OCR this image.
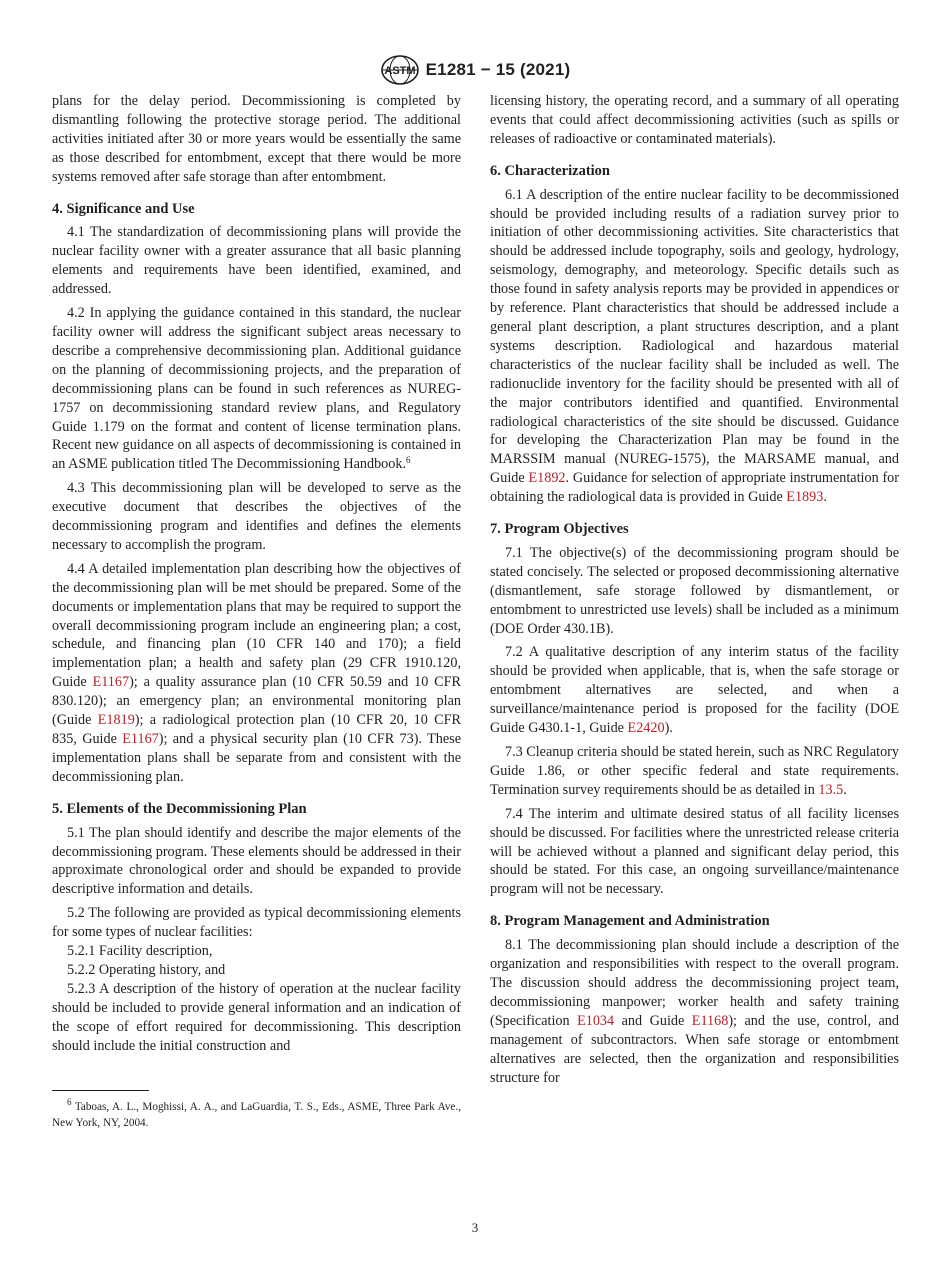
ASTM E1281 − 15 (2021)

plans for the delay period. Decommissioning is completed by dismantling following the protective storage period. The additional activities initiated after 30 or more years would be essentially the same as those described for entombment, except that there would be more systems removed after safe storage than after entombment.

4. Significance and Use

4.1 The standardization of decommissioning plans will provide the nuclear facility owner with a greater assurance that all basic planning elements and requirements have been identified, examined, and addressed.

4.2 In applying the guidance contained in this standard, the nuclear facility owner will address the significant subject areas necessary to describe a comprehensive decommissioning plan. Additional guidance on the planning of decommissioning projects, and the preparation of decommissioning plans can be found in such references as NUREG-1757 on decommissioning standard review plans, and Regulatory Guide 1.179 on the format and content of license termination plans. Recent new guidance on all aspects of decommissioning is contained in an ASME publication titled The Decommissioning Handbook.$^6$

4.3 This decommissioning plan will be developed to serve as the executive document that describes the objectives of the decommissioning program and identifies and defines the elements necessary to accomplish the program.

4.4 A detailed implementation plan describing how the objectives of the decommissioning plan will be met should be prepared. Some of the documents or implementation plans that may be required to support the overall decommissioning program include an engineering plan; a cost, schedule, and financing plan (10 CFR 140 and 170); a field implementation plan; a health and safety plan (29 CFR 1910.120, Guide E1167); a quality assurance plan (10 CFR 50.59 and 10 CFR 830.120); an emergency plan; an environmental monitoring plan (Guide E1819); a radiological protection plan (10 CFR 20, 10 CFR 835, Guide E1167); and a physical security plan (10 CFR 73). These implementation plans shall be separate from and consistent with the decommissioning plan.

5. Elements of the Decommissioning Plan

5.1 The plan should identify and describe the major elements of the decommissioning program. These elements should be addressed in their approximate chronological order and should be expanded to provide descriptive information and details.

5.2 The following are provided as typical decommissioning elements for some types of nuclear facilities:

5.2.1 Facility description,

5.2.2 Operating history, and

5.2.3 A description of the history of operation at the nuclear facility should be included to provide general information and an indication of the scope of effort required for decommissioning. This description should include the initial construction and

$^6$ Taboas, A. L., Moghissi, A. A., and LaGuardia, T. S., Eds., ASME, Three Park Ave., New York, NY, 2004.

licensing history, the operating record, and a summary of all operating events that could affect decommissioning activities (such as spills or releases of radioactive or contaminated materials).

6. Characterization

6.1 A description of the entire nuclear facility to be decommissioned should be provided including results of a radiation survey prior to initiation of other decommissioning activities. Site characteristics that should be addressed include topography, soils and geology, hydrology, seismology, demography, and meteorology. Specific details such as those found in safety analysis reports may be provided in appendices or by reference. Plant characteristics that should be addressed include a general plant description, a plant structures description, and a plant systems description. Radiological and hazardous material characteristics of the nuclear facility shall be included as well. The radionuclide inventory for the facility should be presented with all of the major contributors identified and quantified. Environmental radiological characteristics of the site should be discussed. Guidance for developing the Characterization Plan may be found in the MARSSIM manual (NUREG-1575), the MARSAME manual, and Guide E1892. Guidance for selection of appropriate instrumentation for obtaining the radiological data is provided in Guide E1893.

7. Program Objectives

7.1 The objective(s) of the decommissioning program should be stated concisely. The selected or proposed decommissioning alternative (dismantlement, safe storage followed by dismantlement, or entombment to unrestricted use levels) shall be included as a minimum (DOE Order 430.1B).

7.2 A qualitative description of any interim status of the facility should be provided when applicable, that is, when the safe storage or entombment alternatives are selected, and when a surveillance/maintenance period is proposed for the facility (DOE Guide G430.1-1, Guide E2420).

7.3 Cleanup criteria should be stated herein, such as NRC Regulatory Guide 1.86, or other specific federal and state requirements. Termination survey requirements should be as detailed in 13.5.

7.4 The interim and ultimate desired status of all facility licenses should be discussed. For facilities where the unrestricted release criteria will be achieved without a planned and significant delay period, this should be stated. For this case, an ongoing surveillance/maintenance program will not be necessary.

8. Program Management and Administration

8.1 The decommissioning plan should include a description of the organization and responsibilities with respect to the overall program. The discussion should address the decommissioning project team, decommissioning manpower; worker health and safety training (Specification E1034 and Guide E1168); and the use, control, and management of subcontractors. When safe storage or entombment alternatives are selected, then the organization and responsibilities structure for

3
